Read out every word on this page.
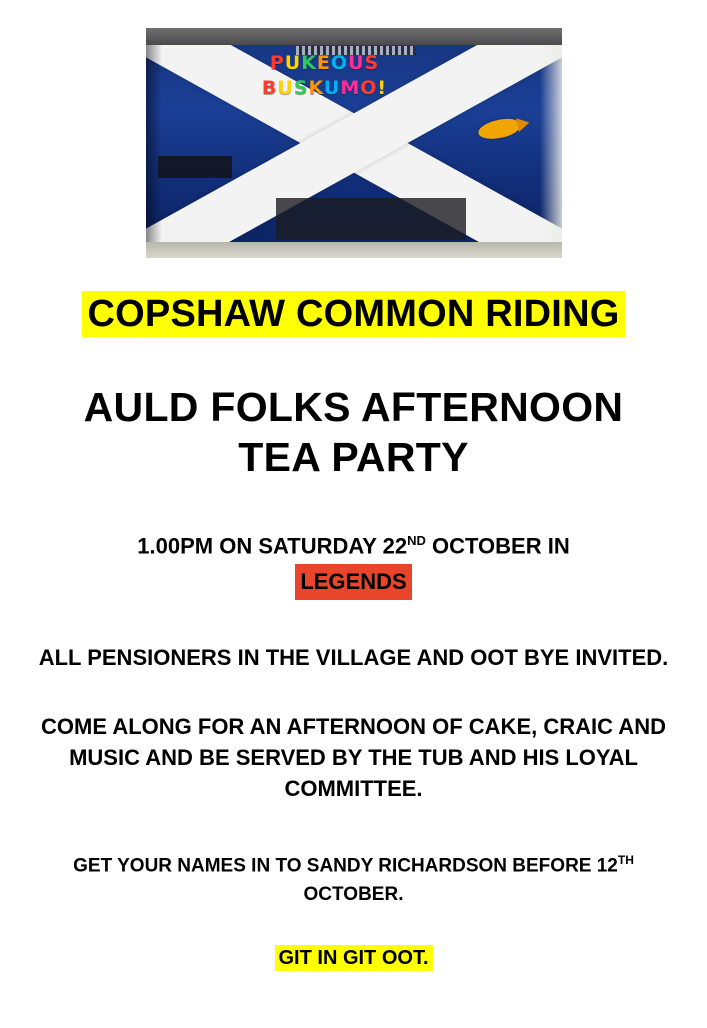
PUKEOUS
BUSKUMO!
COPSHAW COMMON RIDING
AULD FOLKS AFTERNOON
TEA PARTY
1.00PM ON SATURDAY 22ND OCTOBER IN
LEGENDS
ALL PENSIONERS IN THE VILLAGE AND OOT BYE INVITED.
COME ALONG FOR AN AFTERNOON OF CAKE, CRAIC AND MUSIC AND BE SERVED BY THE TUB AND HIS LOYAL COMMITTEE.
GET YOUR NAMES IN TO SANDY RICHARDSON BEFORE 12TH OCTOBER.
GIT IN GIT OOT.
